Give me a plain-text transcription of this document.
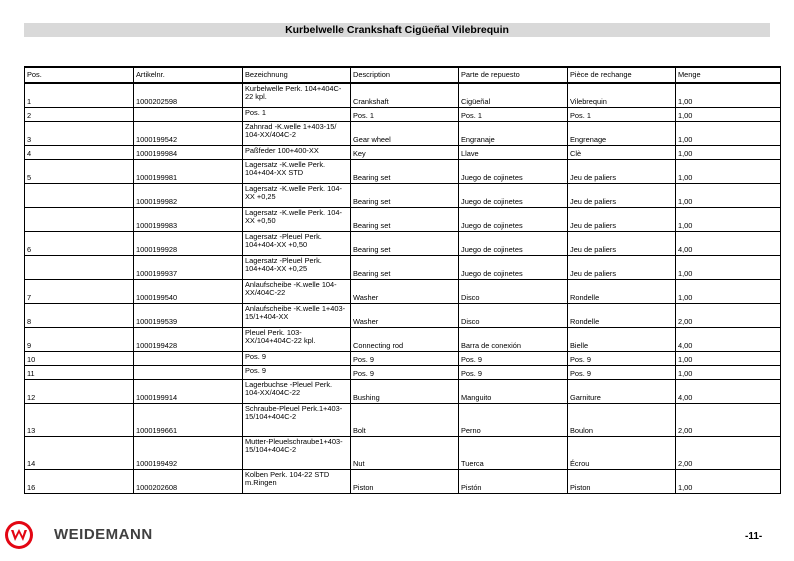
Kurbelwelle Crankshaft Cigüeñal Vilebrequin
Pos.	Artikelnr.	Bezeichnung	Description	Parte de repuesto	Pièce de rechange	Menge
1	1000202598	Kurbelwelle Perk. 104+404C-22 kpl.	Crankshaft	Cigüeñal	Vilebrequin	1,00
2		Pos. 1	Pos. 1	Pos. 1	Pos. 1	1,00
3	1000199542	Zahnrad -K.welle 1+403-15/ 104-XX/404C-2	Gear wheel	Engranaje	Engrenage	1,00
4	1000199984	Paßfeder 100+400-XX	Key	Llave	Clè	1,00
5	1000199981	Lagersatz -K.welle Perk. 104+404-XX STD	Bearing set	Juego de cojinetes	Jeu de paliers	1,00
	1000199982	Lagersatz -K.welle Perk. 104-XX +0,25	Bearing set	Juego de cojinetes	Jeu de paliers	1,00
	1000199983	Lagersatz -K.welle Perk. 104-XX +0,50	Bearing set	Juego de cojinetes	Jeu de paliers	1,00
6	1000199928	Lagersatz -Pleuel Perk. 104+404-XX +0,50	Bearing set	Juego de cojinetes	Jeu de paliers	4,00
	1000199937	Lagersatz -Pleuel Perk. 104+404-XX +0,25	Bearing set	Juego de cojinetes	Jeu de paliers	1,00
7	1000199540	Anlaufscheibe -K.welle 104-XX/404C-22	Washer	Disco	Rondelle	1,00
8	1000199539	Anlaufscheibe -K.welle 1+403-15/1+404-XX	Washer	Disco	Rondelle	2,00
9	1000199428	Pleuel Perk. 103-XX/104+404C-22 kpl.	Connecting rod	Barra de conexión	Bielle	4,00
10		Pos. 9	Pos. 9	Pos. 9	Pos. 9	1,00
11		Pos. 9	Pos. 9	Pos. 9	Pos. 9	1,00
12	1000199914	Lagerbuchse -Pleuel Perk. 104-XX/404C-22	Bushing	Manguito	Garniture	4,00
13	1000199661	Schraube-Pleuel Perk.1+403-15/104+404C-2	Bolt	Perno	Boulon	2,00
14	1000199492	Mutter-Pleuelschraube1+403-15/104+404C-2	Nut	Tuerca	Écrou	2,00
16	1000202608	Kolben Perk. 104-22 STD m.Ringen	Piston	Pistón	Piston	1,00
WEIDEMANN	-11-
